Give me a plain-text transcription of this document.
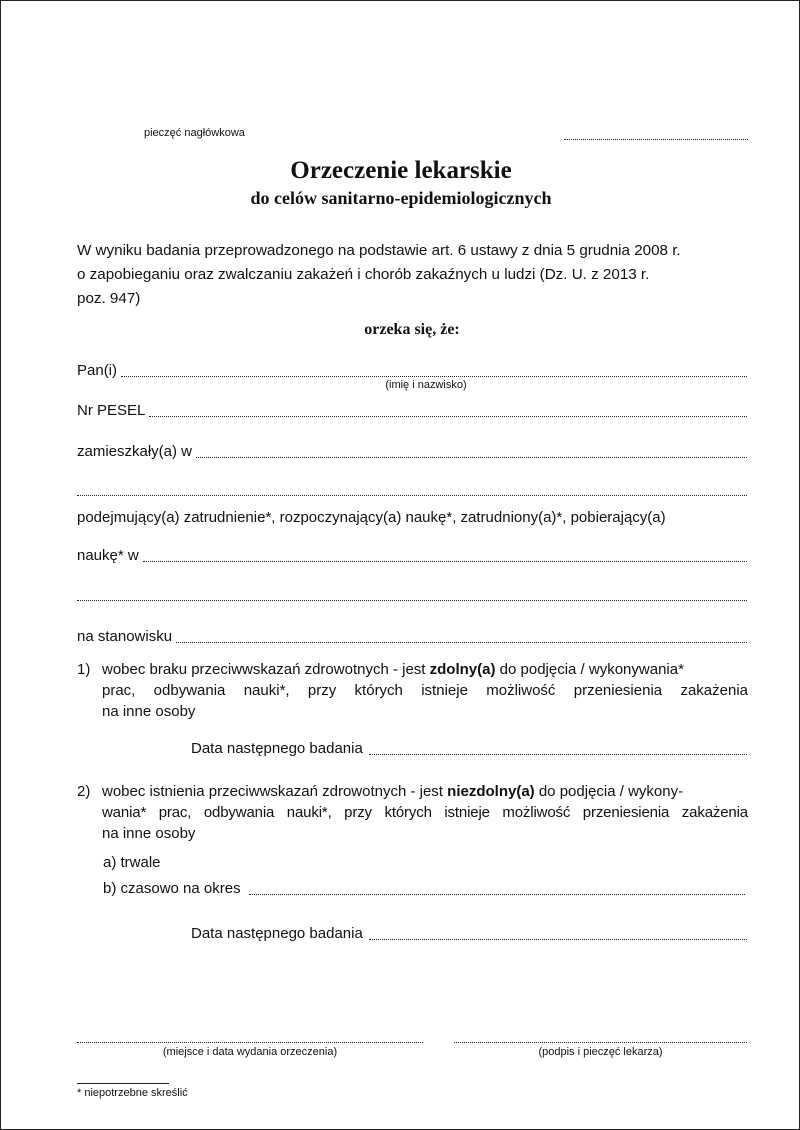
pieczęć nagłówkowa
Orzeczenie lekarskie
do celów sanitarno-epidemiologicznych

W wyniku badania przeprowadzonego na podstawie art. 6 ustawy z dnia 5 grudnia 2008 r.

o zapobieganiu oraz zwalczaniu zakażeń i chorób zakaźnych u ludzi (Dz. U. z 2013 r.

poz. 947)

orzeka się, że:
Pan(i)
(imię i nazwisko)
Nr PESEL
zamieszkały(a) w
podejmujący(a) zatrudnienie*, rozpoczynający(a) naukę*, zatrudniony(a)*, pobierający(a)
naukę* w
na stanowisku
1) wobec braku przeciwwskazań zdrowotnych - jest zdolny(a) do podjęcia / wykonywania*
prac, odbywania nauki*, przy których istnieje możliwość przeniesienia zakażenia
na inne osoby
Data następnego badania
2) wobec istnienia przeciwwskazań zdrowotnych - jest niezdolny(a) do podjęcia / wykony-
wania* prac, odbywania nauki*, przy których istnieje możliwość przeniesienia zakażenia
na inne osoby
a) trwale
b) czasowo na okres
Data następnego badania
(miejsce i data wydania orzeczenia)	(podpis i pieczęć lekarza)
* niepotrzebne skreślić
